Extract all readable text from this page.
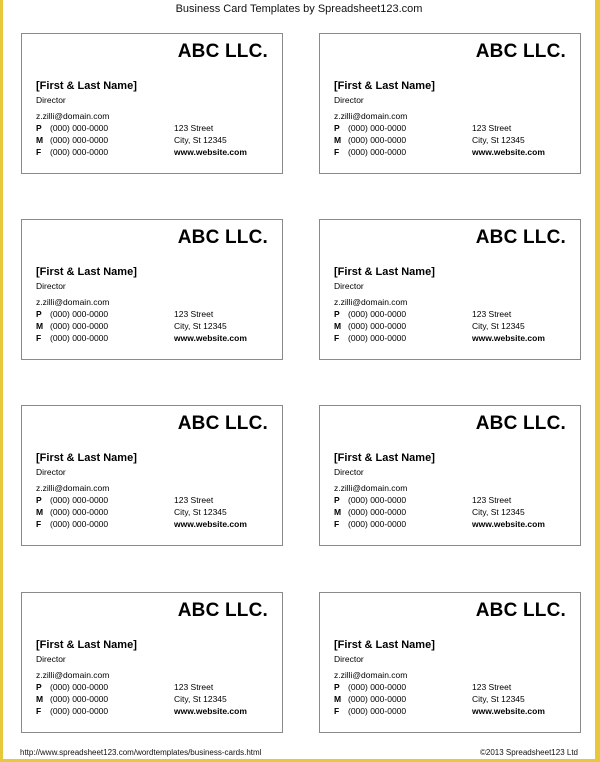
Business Card Templates by Spreadsheet123.com
ABC LLC.
[First & Last Name]
Director
z.zilli@domain.com
P (000) 000-0000	123 Street
M (000) 000-0000	City, St 12345
F (000) 000-0000	www.website.com
ABC LLC.
[First & Last Name]
Director
z.zilli@domain.com
P (000) 000-0000	123 Street
M (000) 000-0000	City, St 12345
F (000) 000-0000	www.website.com
ABC LLC.
[First & Last Name]
Director
z.zilli@domain.com
P (000) 000-0000	123 Street
M (000) 000-0000	City, St 12345
F (000) 000-0000	www.website.com
ABC LLC.
[First & Last Name]
Director
z.zilli@domain.com
P (000) 000-0000	123 Street
M (000) 000-0000	City, St 12345
F (000) 000-0000	www.website.com
ABC LLC.
[First & Last Name]
Director
z.zilli@domain.com
P (000) 000-0000	123 Street
M (000) 000-0000	City, St 12345
F (000) 000-0000	www.website.com
ABC LLC.
[First & Last Name]
Director
z.zilli@domain.com
P (000) 000-0000	123 Street
M (000) 000-0000	City, St 12345
F (000) 000-0000	www.website.com
ABC LLC.
[First & Last Name]
Director
z.zilli@domain.com
P (000) 000-0000	123 Street
M (000) 000-0000	City, St 12345
F (000) 000-0000	www.website.com
ABC LLC.
[First & Last Name]
Director
z.zilli@domain.com
P (000) 000-0000	123 Street
M (000) 000-0000	City, St 12345
F (000) 000-0000	www.website.com
http://www.spreadsheet123.com/wordtemplates/business-cards.html	©2013 Spreadsheet123 Ltd
